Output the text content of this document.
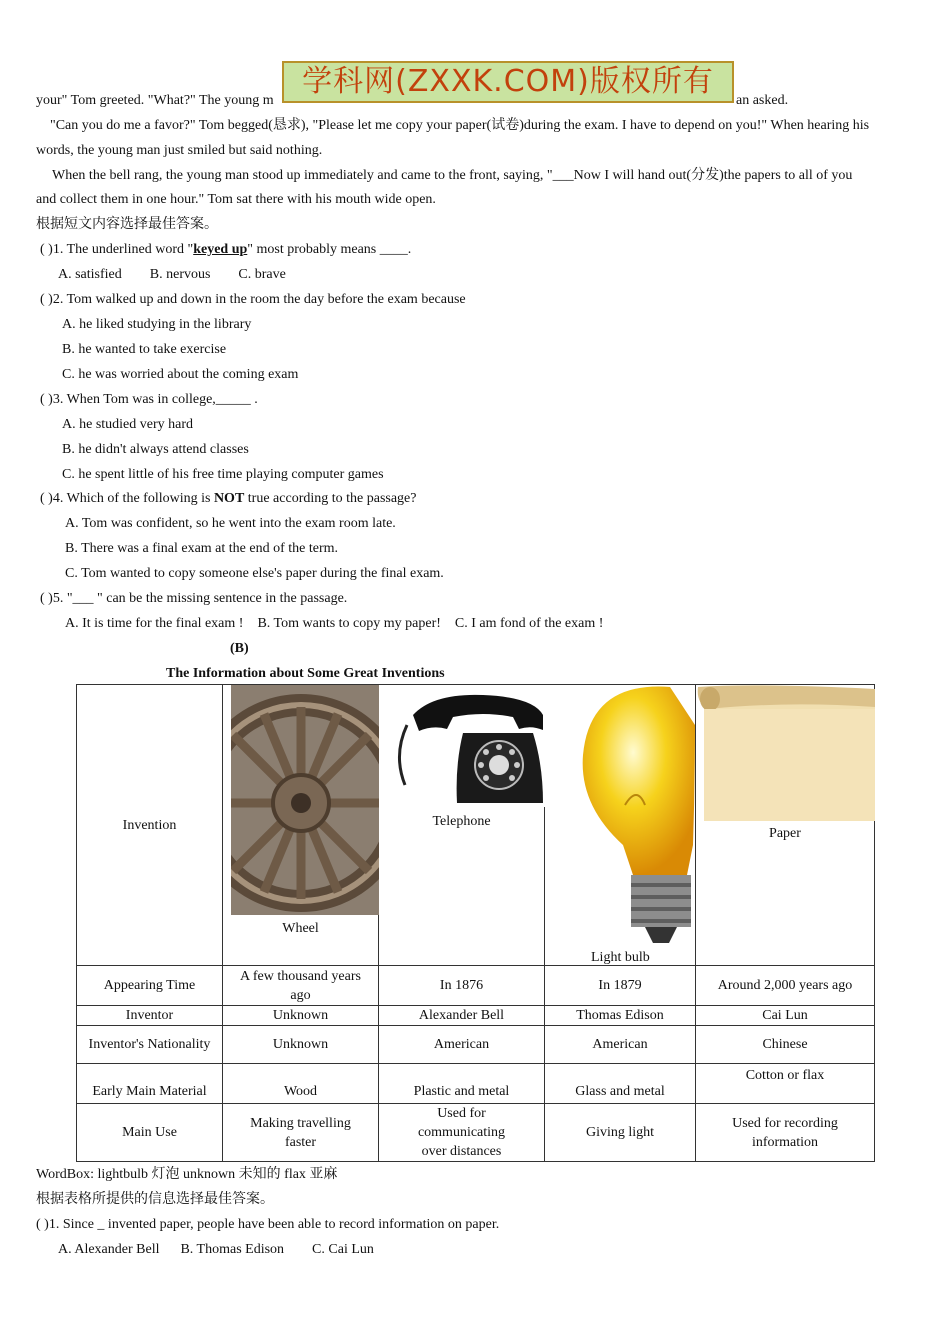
学科网(ZXXK.COM)版权所有
your" Tom greeted. "What?" The young m	an asked.
"Can you do me a favor?" Tom begged(恳求), "Please let me copy your paper(试卷)during the exam. I have to depend on you!" When hearing his
words, the young man just smiled but said nothing.
When the bell rang, the young man stood up immediately and came to the front, saying, "___Now I will hand out(分发)the papers to all of you
and collect them in one hour." Tom sat there with his mouth wide open.
根据短文内容选择最佳答案。
( )1. The underlined word "keyed up" most probably means ____.
A. satisfied        B. nervous        C. brave
( )2. Tom walked up and down in the room the day before the exam because
A. he liked studying in the library
B. he wanted to take exercise
C. he was worried about the coming exam
( )3. When Tom was in college,_____ .
A. he studied very hard
B. he didn't always attend classes
C. he spent little of his free time playing computer games
( )4. Which of the following is NOT true according to the passage?
A. Tom was confident, so he went into the exam room late.
B. There was a final exam at the end of the term.
C. Tom wanted to copy someone else's paper during the final exam.
( )5. "___ " can be the missing sentence in the passage.
A. It is time for the final exam !    B. Tom wants to copy my paper!    C. I am fond of the exam !
(B)
The Information about Some Great Inventions
Invention	Wheel	Telephone	Light bulb	Paper

Appearing Time	A few thousand years ago	In 1876	In 1879	Around 2,000 years ago
Inventor	Unknown	Alexander Bell	Thomas Edison	Cai Lun
Inventor's Nationality	Unknown	American	American	Chinese
Early Main Material	Wood	Plastic and metal	Glass and metal	Cotton or flax
Main Use	Making travelling faster	Used for communicating over distances	Giving light	Used for recording information
WordBox: lightbulb 灯泡 unknown 未知的 flax 亚麻
根据表格所提供的信息选择最佳答案。
( )1. Since _ invented paper, people have been able to record information on paper.
A. Alexander Bell      B. Thomas Edison        C. Cai Lun
